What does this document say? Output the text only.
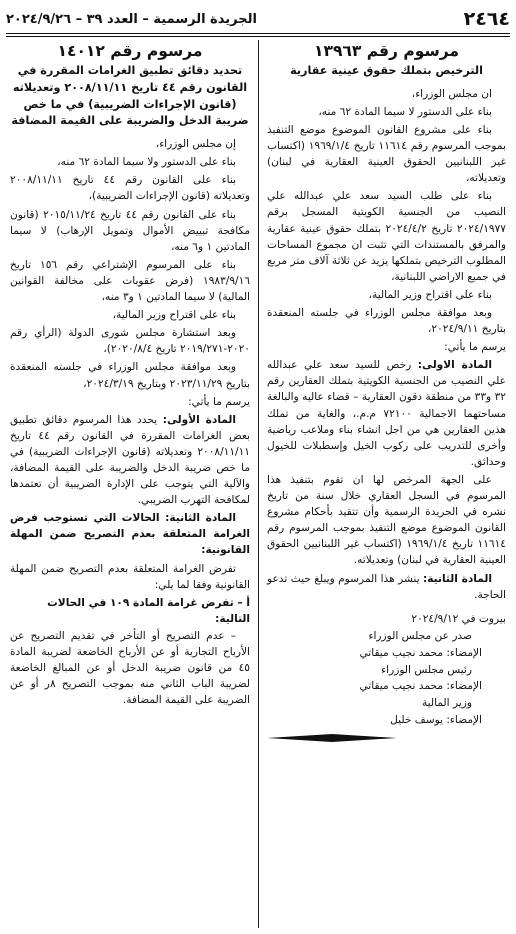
٢٤٦٤
الجريدة الرسمية – العدد ٣٩ – ٢٠٢٤/٩/٢٦
مرسوم رقم ١٣٩٦٣
الترخيص بتملك حقوق عينية عقارية

ان مجلس الوزراء،

بناء على الدستور لا سيما المادة ٦٢ منه،

بناء على مشروع القانون الموضوع موضع التنفيذ بموجب المرسوم رقم ١١٦١٤ تاريخ ١٩٦٩/١/٤ (اكتساب غير اللبنانيين الحقوق العينية العقارية في لبنان) وتعديلاته،

بناء على طلب السيد سعد علي عبدالله علي النصيب من الجنسية الكويتية المسجل برقم ٢٠٢٤/١٩٧٧ تاريخ ٢٠٢٤/٤/٢ بتملك حقوق عينية عقارية والمرفق بالمستندات التي تثبت ان مجموع المساحات المطلوب الترخيص بتملكها يزيد عن ثلاثة آلاف متر مربع في جميع الاراضي اللبنانية،

بناء على اقتراح وزير المالية،

وبعد موافقة مجلس الوزراء في جلسته المنعقدة بتاريخ ٢٠٢٤/٩/١١،

يرسم ما يأتي:

المادة الاولى: رخص للسيد سعد علي عبدالله علي النصيب من الجنسية الكويتية بتملك العقارين رقم ٣٢ و٣٣ من منطقة دقون العقارية – قضاء عاليه والبالغة مساحتهما الاجمالية ٧٢١٠٠ م.م.، والغاية من تملك هذين العقارين هي من اجل انشاء بناء وملاعب رياضية وأخرى للتدريب على ركوب الخيل وإسطبلات للخيول وحدائق.

على الجهة المرخص لها ان تقوم بتنفيذ هذا المرسوم في السجل العقاري خلال سنة من تاريخ نشره في الجريدة الرسمية وأن تتقيد بأحكام مشروع القانون الموضوع موضع التنفيذ بموجب المرسوم رقم ١١٦١٤ تاريخ ١٩٦٩/١/٤ (اكتساب غير اللبنانيين الحقوق العينية العقارية في لبنان) وتعديلاته.

المادة الثانية: ينشر هذا المرسوم ويبلغ حيث تدعو الحاجة.

بيروت في ٢٠٢٤/٩/١٢

صدر عن مجلس الوزراء

الإمضاء: محمد نجيب ميقاتي

رئيس مجلس الوزراء

الإمضاء: محمد نجيب ميقاتي

وزير المالية

الإمضاء: يوسف خليل

مرسوم رقم ١٤٠١٢
تحديد دقائق تطبيق الغرامات المقررة في القانون رقم ٤٤ تاريخ ٢٠٠٨/١١/١١ وتعديلاته (قانون الإجراءات الضريبية) في ما خص ضريبة الدخل والضريبة على القيمة المضافة

إن مجلس الوزراء،

بناء على الدستور ولا سيما المادة ٦٢ منه،

بناء على القانون رقم ٤٤ تاريخ ٢٠٠٨/١١/١١ وتعديلاته (قانون الإجراءات الضريبية)،

بناء على القانون رقم ٤٤ تاريخ ٢٠١٥/١١/٢٤ (قانون مكافحة تبييض الأموال وتمويل الإرهاب) لا سيما المادتين ١ و٦ منه،

بناء على المرسوم الإشتراعي رقم ١٥٦ تاريخ ١٩٨٣/٩/١٦ (فرض عقوبات على مخالفة القوانين المالية) لا سيما المادتين ١ و٣ منه،

بناء على اقتراح وزير المالية،

وبعد استشارة مجلس شورى الدولة (الرأي رقم ٢٠٢٠-٢٠١٩/٢٧١ تاريخ ٢٠٢٠/٨/٤)،

وبعد موافقة مجلس الوزراء في جلسته المنعقدة بتاريخ ٢٠٢٣/١١/٢٩ وبتاريخ ٢٠٢٤/٣/١٩،

يرسم ما يأتي:

المادة الأولى: يحدد هذا المرسوم دقائق تطبيق بعض الغرامات المقررة في القانون رقم ٤٤ تاريخ ٢٠٠٨/١١/١١ وتعديلاته (قانون الإجراءات الضريبية) في ما خص ضريبة الدخل والضريبة على القيمة المضافة، والآلية التي يتوجب على الإدارة الضريبية أن تعتمدها لمكافحة التهرب الضريبي.

المادة الثانية: الحالات التي تستوجب فرض الغرامة المتعلقة بعدم التصريح ضمن المهلة القانونية:

تفرض الغرامة المتعلقة بعدم التصريح ضمن المهلة القانونية وفقا لما يلي:

أ – تفرض غرامة المادة ١٠٩ في الحالات التالية:

– عدم التصريح أو التأخر في تقديم التصريح عن الأرباح التجارية أو عن الأرباح الخاضعة لضريبة المادة ٤٥ من قانون ضريبة الدخل أو عن المبالغ الخاضعة لضريبة الباب الثاني منه بموجب التصريح ٨ر أو عن الضريبة على القيمة المضافة.
